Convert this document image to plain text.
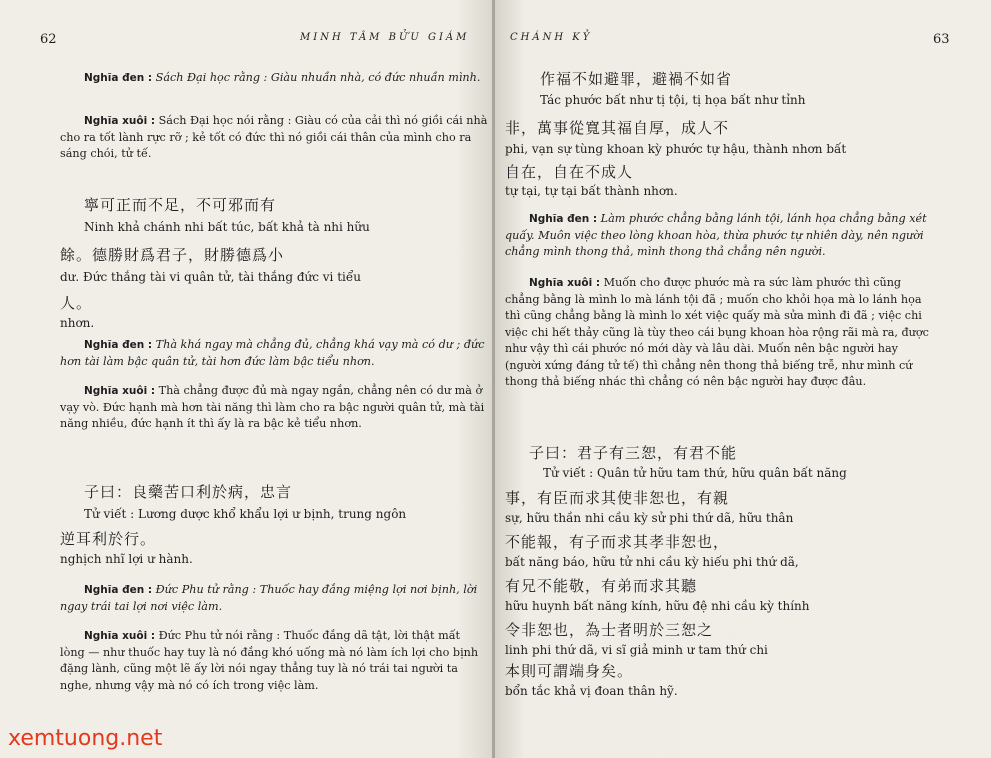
62	MINH TÂM BỬU GIÁM
Nghĩa đen : Sách Đại học rằng : Giàu nhuần nhà, có đức nhuần mình.
Nghĩa xuôi : Sách Đại học nói rằng : Giàu có của cải thì nó giồi cái nhà cho ra tốt lành rực rỡ ; kẻ tốt có đức thì nó giồi cái thân của mình cho ra sáng chói, tử tế.
寧可正而不足，不可邪而有
Ninh khả chánh nhi bất túc, bất khả tà nhi hữu
餘。德勝財爲君子，財勝德爲小
dư. Đức thắng tài vi quân tử, tài thắng đức vi tiểu
人。
nhơn.
Nghĩa đen : Thà khá ngay mà chẳng đủ, chẳng khá vạy mà có dư ; đức hơn tài làm bậc quân tử, tài hơn đức làm bậc tiểu nhơn.
Nghĩa xuôi : Thà chẳng được đủ mà ngay ngắn, chẳng nên có dư mà ở vạy vò. Đức hạnh mà hơn tài năng thì làm cho ra bậc người quân tử, mà tài năng nhiều, đức hạnh ít thì ấy là ra bậc kẻ tiểu nhơn.
子曰：良藥苦口利於病，忠言
Tử viết : Lương dược khổ khẩu lợi ư bịnh, trung ngôn
逆耳利於行。
nghịch nhĩ lợi ư hành.
Nghĩa đen : Đức Phu tử rằng : Thuốc hay đắng miệng lợi nơi bịnh, lời ngay trái tai lợi nơi việc làm.
Nghĩa xuôi : Đức Phu tử nói rằng : Thuốc đắng dã tật, lời thật mất lòng — như thuốc hay tuy là nó đắng khó uống mà nó làm ích lợi cho bịnh đặng lành, cũng một lẽ ấy lời nói ngay thẳng tuy là nó trái tai người ta nghe, nhưng vậy mà nó có ích trong việc làm.
xemtuong.net
CHÁNH KỶ	63
作福不如避罪，避禍不如省
Tác phước bất như tị tội, tị họa bất như tỉnh
非，萬事從寬其福自厚，成人不
phi, vạn sự tùng khoan kỳ phước tự hậu, thành nhơn bất
自在，自在不成人
tự tại, tự tại bất thành nhơn.
Nghĩa đen : Làm phước chẳng bằng lánh tội, lánh họa chẳng bằng xét quấy. Muôn việc theo lòng khoan hòa, thừa phước tự nhiên dày, nên người chẳng mình thong thả, mình thong thả chẳng nên người.
Nghĩa xuôi : Muốn cho được phước mà ra sức làm phước thì cũng chẳng bằng là mình lo mà lánh tội đã ; muốn cho khỏi họa mà lo lánh họa thì cũng chẳng bằng là mình lo xét việc quấy mà sửa mình đi đã ; việc chi việc chi hết thảy cũng là tùy theo cái bụng khoan hòa rộng rãi mà ra, được như vậy thì cái phước nó mới dày và lâu dài. Muốn nên bậc người hay (người xứng đáng tử tế) thì chẳng nên thong thả biếng trễ, như mình cứ thong thả biếng nhác thì chẳng có nên bậc người hay được đâu.
子曰：君子有三恕，有君不能
Tử viết : Quân tử hữu tam thứ, hữu quân bất năng
事，有臣而求其使非恕也，有親
sự, hữu thần nhi cầu kỳ sử phi thứ dã, hữu thân
不能報，有子而求其孝非恕也，
bất năng báo, hữu tử nhi cầu kỳ hiếu phi thứ dã,
有兄不能敬，有弟而求其聽
hữu huynh bất năng kính, hữu đệ nhi cầu kỳ thính
令非恕也，為士者明於三恕之
linh phi thứ dã, vi sĩ giả minh ư tam thứ chi
本則可謂端身矣。
bổn tắc khả vị đoan thân hỹ.
